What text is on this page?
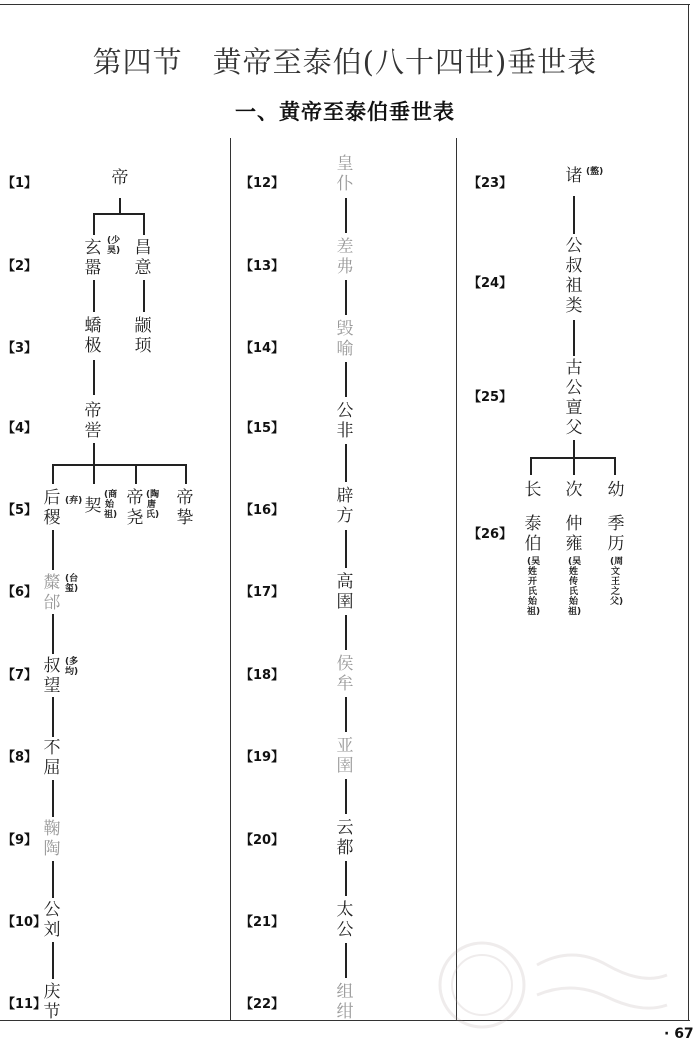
第四节　黄帝至泰伯(八十四世)垂世表
一、黄帝至泰伯垂世表
【1】
【2】
【3】
【4】
【5】
【6】
【7】
【8】
【9】
【10】
【11】
【12】
【13】
【14】
【15】
【16】
【17】
【18】
【19】
【20】
【21】
【22】
【23】
【24】
【25】
【26】
帝
玄
嚣
(少昊) 昌
意
蟜
极
颛
顼
帝
喾
后
稷
(弃) 契
(商始祖)
帝
尧
(陶唐氏)
帝
挚
斄
邰
(台玺)
叔
望
(多均)
不
屈
鞠
陶
公
刘
庆
节
皇
仆
差
弗
毁
喻
公
非
辟
方
高
圉
侯
牟
亚
圉
云
都
太
公
组
绀
诸 (盩)
公
叔
祖
类
古
公
亶
父
长 次 幼
泰
伯
(吴姓开氏始祖)
仲
雍
(吴姓传氏始祖)
季
历
(周文王之父)
· 67
